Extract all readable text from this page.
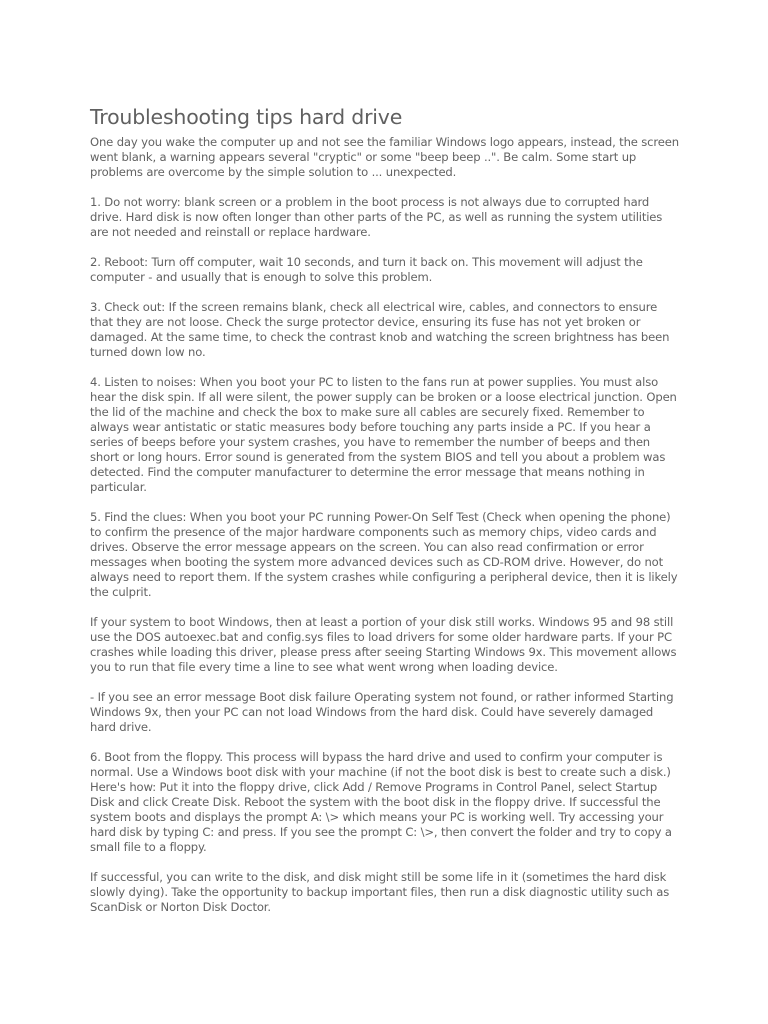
Troubleshooting tips hard drive

One day you wake the computer up and not see the familiar Windows logo appears, instead, the screen went blank, a warning appears several "cryptic" or some "beep beep ..". Be calm. Some start up problems are overcome by the simple solution to ... unexpected.

1. Do not worry: blank screen or a problem in the boot process is not always due to corrupted hard drive. Hard disk is now often longer than other parts of the PC, as well as running the system utilities are not needed and reinstall or replace hardware.

2. Reboot: Turn off computer, wait 10 seconds, and turn it back on. This movement will adjust the computer - and usually that is enough to solve this problem.

3. Check out: If the screen remains blank, check all electrical wire, cables, and connectors to ensure that they are not loose. Check the surge protector device, ensuring its fuse has not yet broken or damaged. At the same time, to check the contrast knob and watching the screen brightness has been turned down low no.

4. Listen to noises: When you boot your PC to listen to the fans run at power supplies. You must also hear the disk spin. If all were silent, the power supply can be broken or a loose electrical junction. Open the lid of the machine and check the box to make sure all cables are securely fixed. Remember to always wear antistatic or static measures body before touching any parts inside a PC. If you hear a series of beeps before your system crashes, you have to remember the number of beeps and then short or long hours. Error sound is generated from the system BIOS and tell you about a problem was detected. Find the computer manufacturer to determine the error message that means nothing in particular.

5. Find the clues: When you boot your PC running Power-On Self Test (Check when opening the phone) to confirm the presence of the major hardware components such as memory chips, video cards and drives. Observe the error message appears on the screen. You can also read confirmation or error messages when booting the system more advanced devices such as CD-ROM drive. However, do not always need to report them. If the system crashes while configuring a peripheral device, then it is likely the culprit.

If your system to boot Windows, then at least a portion of your disk still works. Windows 95 and 98 still use the DOS autoexec.bat and config.sys files to load drivers for some older hardware parts. If your PC crashes while loading this driver, please press after seeing Starting Windows 9x. This movement allows you to run that file every time a line to see what went wrong when loading device.

- If you see an error message Boot disk failure Operating system not found, or rather informed Starting Windows 9x, then your PC can not load Windows from the hard disk. Could have severely damaged hard drive.

6. Boot from the floppy. This process will bypass the hard drive and used to confirm your computer is normal. Use a Windows boot disk with your machine (if not the boot disk is best to create such a disk.) Here's how: Put it into the floppy drive, click Add / Remove Programs in Control Panel, select Startup Disk and click Create Disk. Reboot the system with the boot disk in the floppy drive. If successful the system boots and displays the prompt A: \> which means your PC is working well. Try accessing your hard disk by typing C: and press. If you see the prompt C: \>, then convert the folder and try to copy a small file to a floppy.

If successful, you can write to the disk, and disk might still be some life in it (sometimes the hard disk slowly dying). Take the opportunity to backup important files, then run a disk diagnostic utility such as ScanDisk or Norton Disk Doctor.
